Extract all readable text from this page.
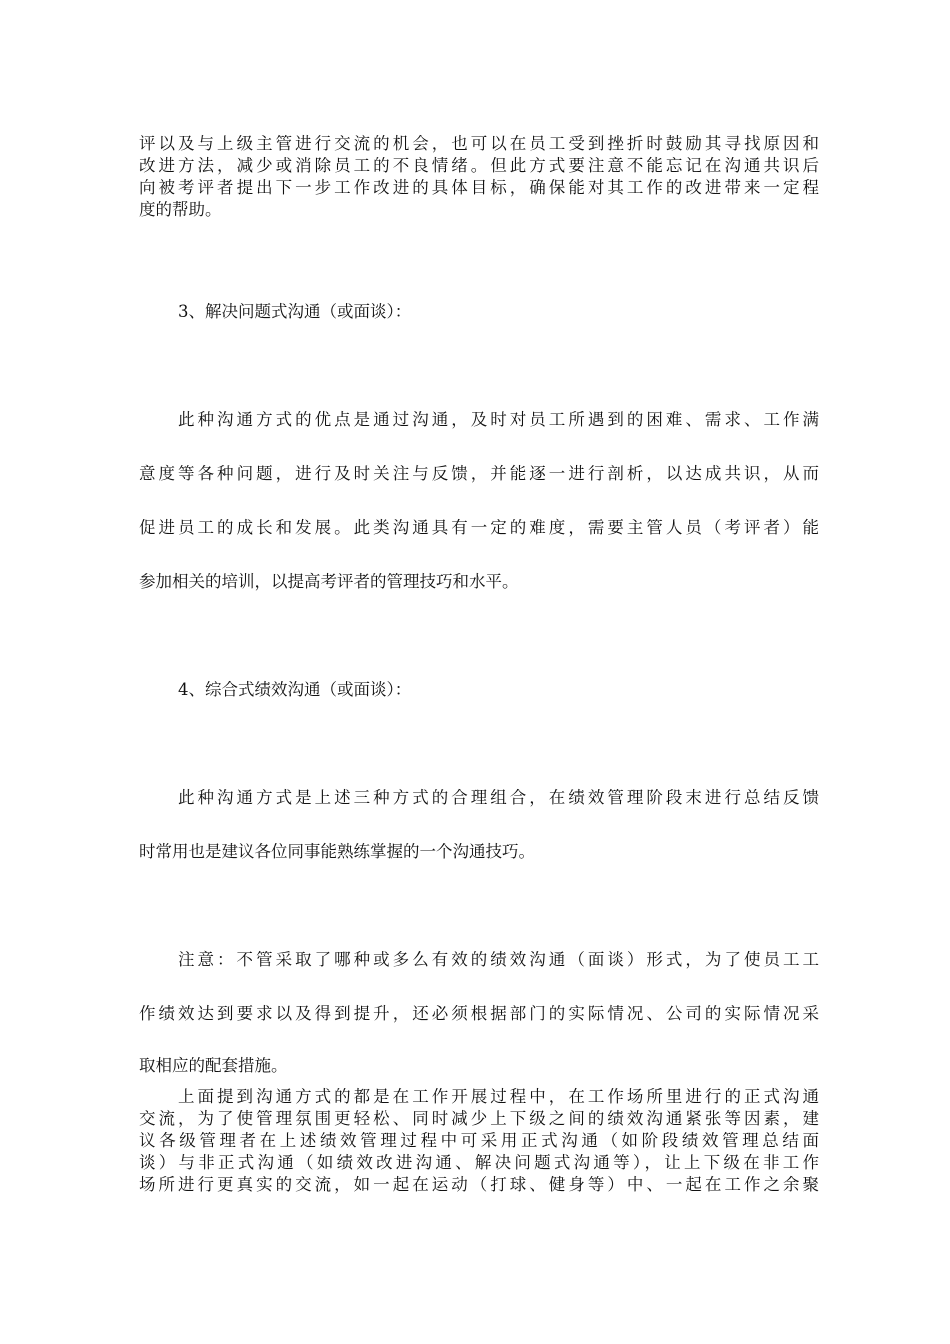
评以及与上级主管进行交流的机会，也可以在员工受到挫折时鼓励其寻找原因和
改进方法，减少或消除员工的不良情绪。但此方式要注意不能忘记在沟通共识后
向被考评者提出下一步工作改进的具体目标，确保能对其工作的改进带来一定程
度的帮助。
3、解决问题式沟通（或面谈）：
此种沟通方式的优点是通过沟通，及时对员工所遇到的困难、需求、工作满
意度等各种问题，进行及时关注与反馈，并能逐一进行剖析，以达成共识，从而
促进员工的成长和发展。此类沟通具有一定的难度，需要主管人员（考评者）能
参加相关的培训，以提高考评者的管理技巧和水平。
4、综合式绩效沟通（或面谈）：
此种沟通方式是上述三种方式的合理组合，在绩效管理阶段末进行总结反馈
时常用也是建议各位同事能熟练掌握的一个沟通技巧。
注意：不管采取了哪种或多么有效的绩效沟通（面谈）形式，为了使员工工
作绩效达到要求以及得到提升，还必须根据部门的实际情况、公司的实际情况采
取相应的配套措施。
上面提到沟通方式的都是在工作开展过程中，在工作场所里进行的正式沟通
交流，为了使管理氛围更轻松、同时减少上下级之间的绩效沟通紧张等因素，建
议各级管理者在上述绩效管理过程中可采用正式沟通（如阶段绩效管理总结面
谈）与非正式沟通（如绩效改进沟通、解决问题式沟通等），让上下级在非工作
场所进行更真实的交流，如一起在运动（打球、健身等）中、一起在工作之余聚
